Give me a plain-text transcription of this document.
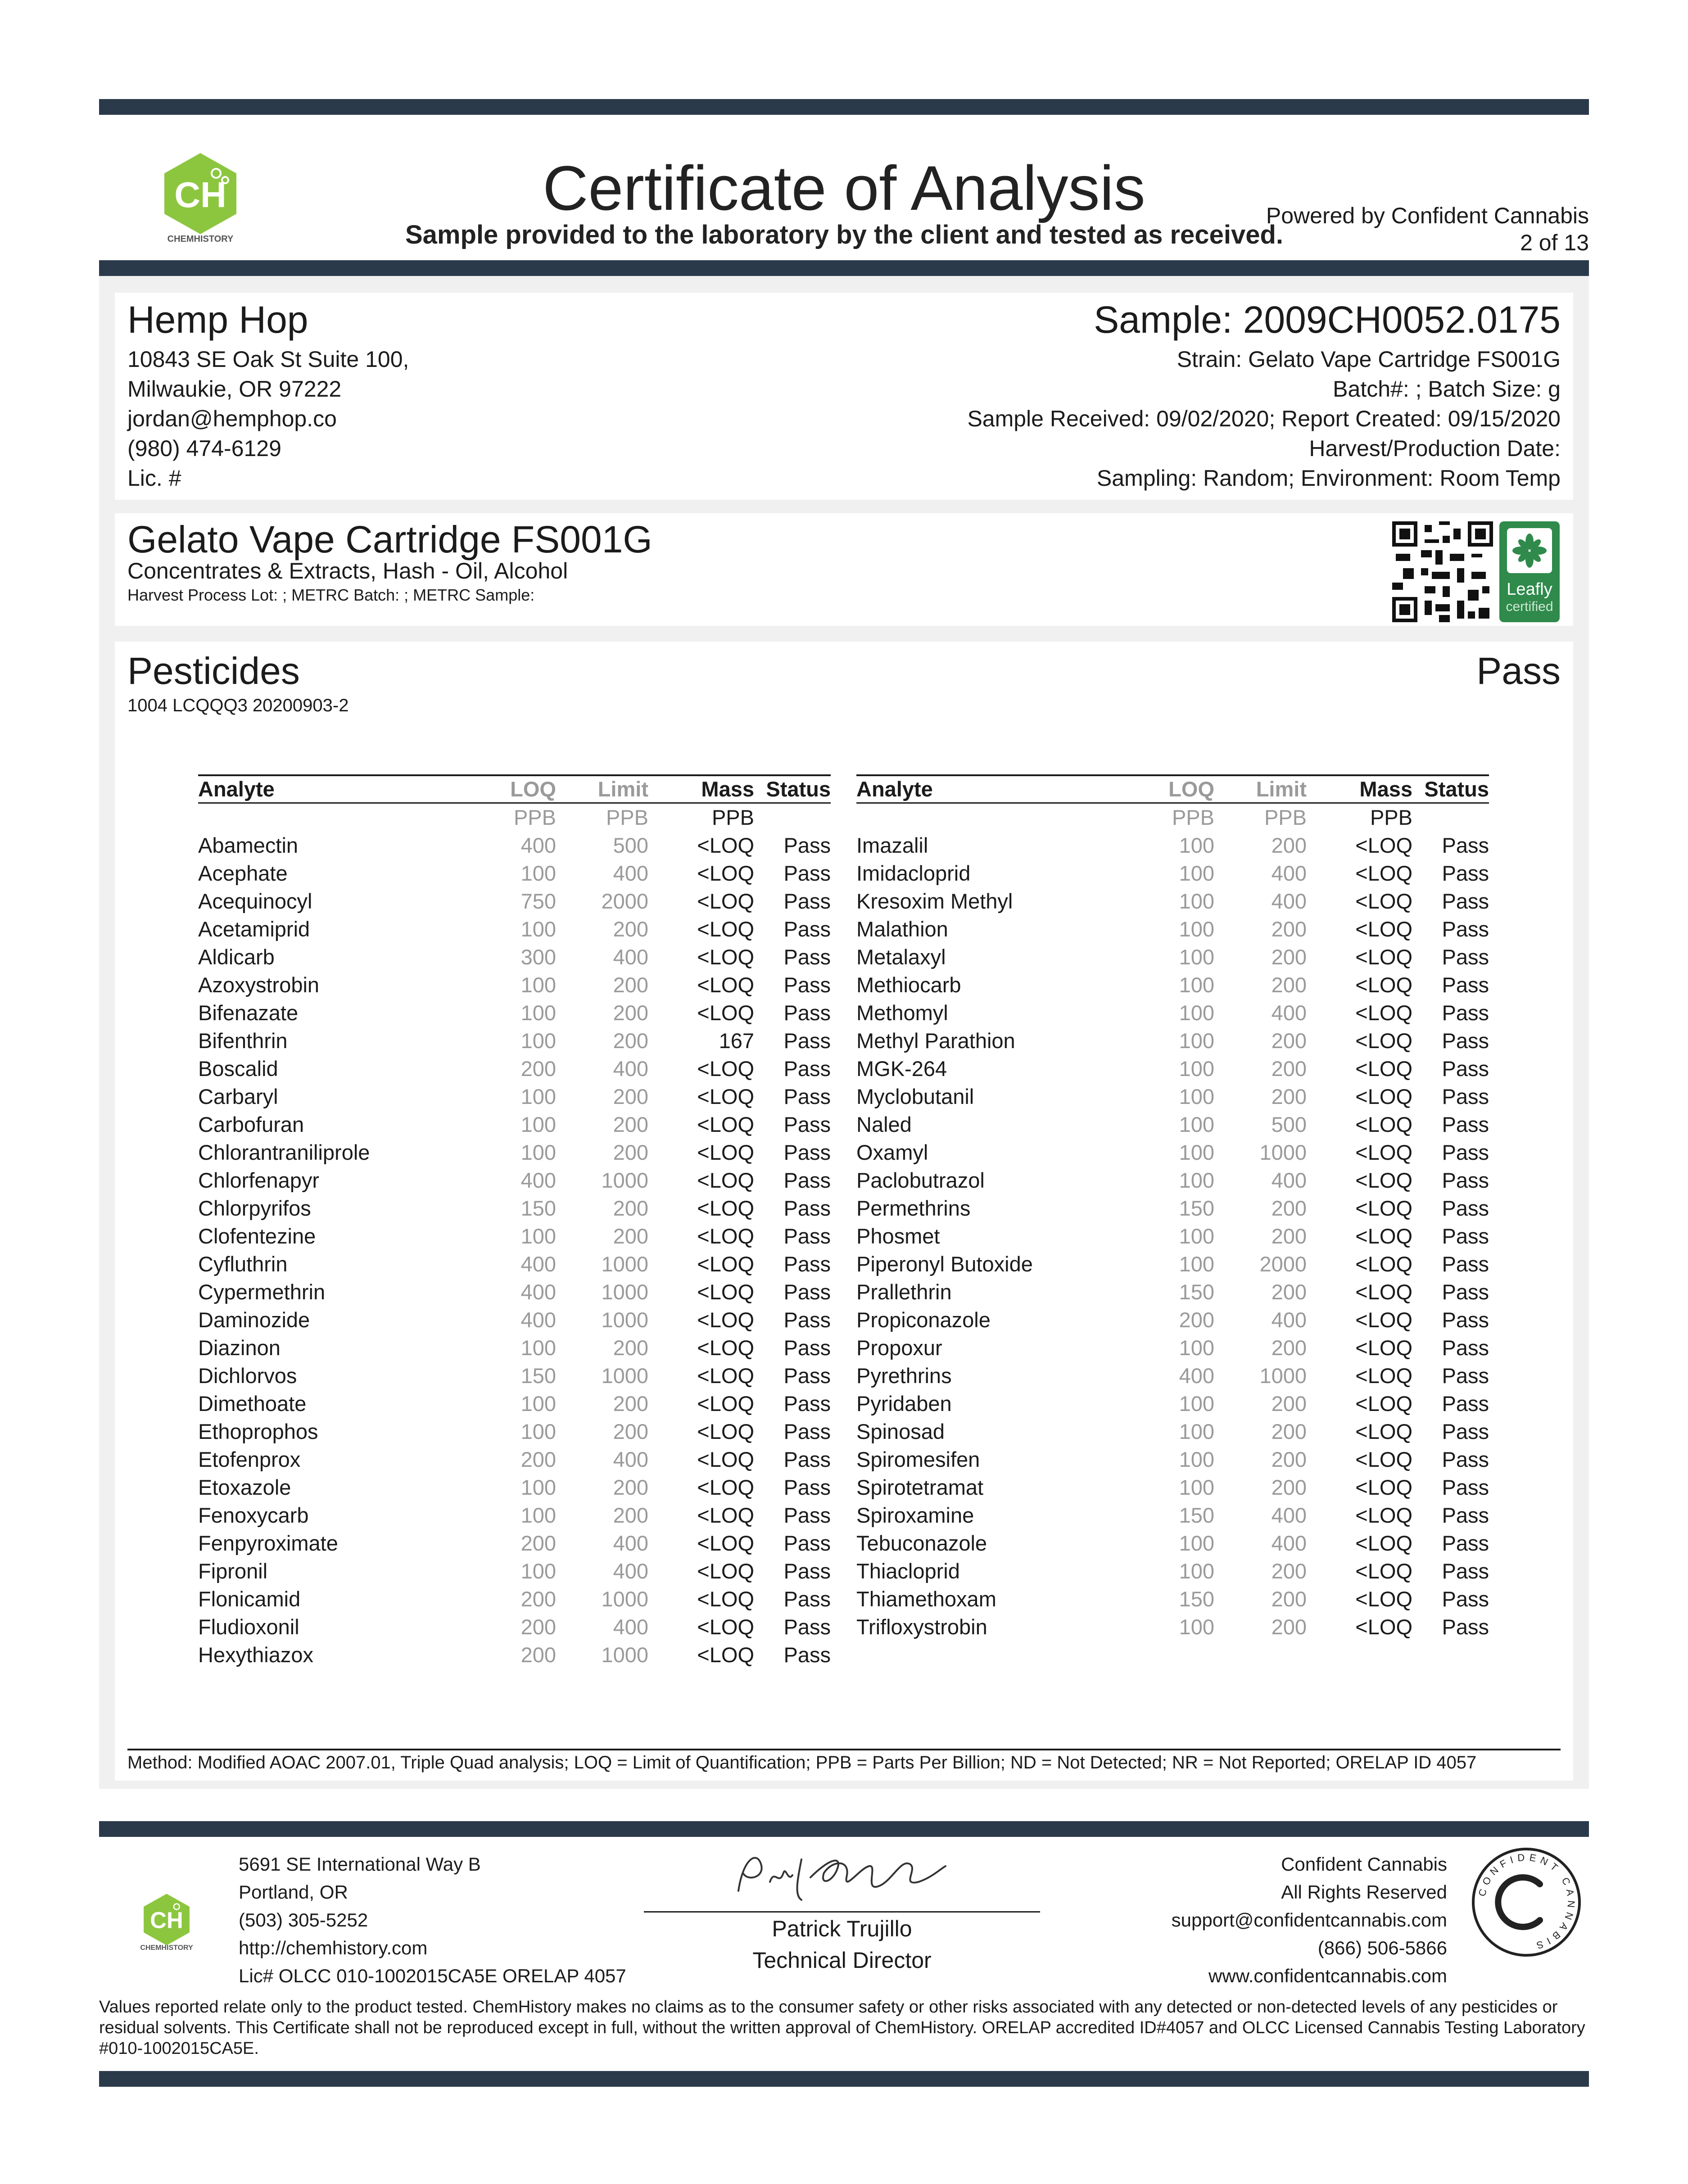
CH
CHEMHISTORY
Certificate of Analysis
Sample provided to the laboratory by the client and tested as received.
Powered by Confident Cannabis
2 of 13
Hemp Hop
10843 SE Oak St Suite 100,
Milwaukie, OR 97222
jordan@hemphop.co
(980) 474-6129
Lic. #
Sample: 2009CH0052.0175
Strain: Gelato Vape Cartridge FS001G
Batch#: ; Batch Size: g
Sample Received: 09/02/2020; Report Created: 09/15/2020
Harvest/Production Date:
Sampling: Random; Environment: Room Temp
Gelato Vape Cartridge FS001G
Concentrates & Extracts, Hash - Oil, Alcohol
Harvest Process Lot: ; METRC Batch: ; METRC Sample:	Leafly
certified
Pesticides
1004 LCQQQ3 20200903-2
Pass
Analyte	LOQ	Limit	Mass Status
PPB	PPB	PPB
Abamectin	400	500	<LOQ	Pass
Acephate	100	400	<LOQ	Pass
Acequinocyl	750	2000	<LOQ	Pass
Acetamiprid	100	200	<LOQ	Pass
Aldicarb	300	400	<LOQ	Pass
Azoxystrobin	100	200	<LOQ	Pass
Bifenazate	100	200	<LOQ	Pass
Bifenthrin	100	200	167	Pass
Boscalid	200	400	<LOQ	Pass
Carbaryl	100	200	<LOQ	Pass
Carbofuran	100	200	<LOQ	Pass
Chlorantraniliprole	100	200	<LOQ	Pass
Chlorfenapyr	400	1000	<LOQ	Pass
Chlorpyrifos	150	200	<LOQ	Pass
Clofentezine	100	200	<LOQ	Pass
Cyfluthrin	400	1000	<LOQ	Pass
Cypermethrin	400	1000	<LOQ	Pass
Daminozide	400	1000	<LOQ	Pass
Diazinon	100	200	<LOQ	Pass
Dichlorvos	150	1000	<LOQ	Pass
Dimethoate	100	200	<LOQ	Pass
Ethoprophos	100	200	<LOQ	Pass
Etofenprox	200	400	<LOQ	Pass
Etoxazole	100	200	<LOQ	Pass
Fenoxycarb	100	200	<LOQ	Pass
Fenpyroximate	200	400	<LOQ	Pass
Fipronil	100	400	<LOQ	Pass
Flonicamid	200	1000	<LOQ	Pass
Fludioxonil	200	400	<LOQ	Pass
Hexythiazox	200	1000	<LOQ	Pass
Analyte	LOQ	Limit	Mass Status
PPB	PPB	PPB
Imazalil	100	200	<LOQ	Pass
Imidacloprid	100	400	<LOQ	Pass
Kresoxim Methyl	100	400	<LOQ	Pass
Malathion	100	200	<LOQ	Pass
Metalaxyl	100	200	<LOQ	Pass
Methiocarb	100	200	<LOQ	Pass
Methomyl	100	400	<LOQ	Pass
Methyl Parathion	100	200	<LOQ	Pass
MGK-264	100	200	<LOQ	Pass
Myclobutanil	100	200	<LOQ	Pass
Naled	100	500	<LOQ	Pass
Oxamyl	100	1000	<LOQ	Pass
Paclobutrazol	100	400	<LOQ	Pass
Permethrins	150	200	<LOQ	Pass
Phosmet	100	200	<LOQ	Pass
Piperonyl Butoxide	100	2000	<LOQ	Pass
Prallethrin	150	200	<LOQ	Pass
Propiconazole	200	400	<LOQ	Pass
Propoxur	100	200	<LOQ	Pass
Pyrethrins	400	1000	<LOQ	Pass
Pyridaben	100	200	<LOQ	Pass
Spinosad	100	200	<LOQ	Pass
Spiromesifen	100	200	<LOQ	Pass
Spirotetramat	100	200	<LOQ	Pass
Spiroxamine	150	400	<LOQ	Pass
Tebuconazole	100	400	<LOQ	Pass
Thiacloprid	100	200	<LOQ	Pass
Thiamethoxam	150	200	<LOQ	Pass
Trifloxystrobin	100	200	<LOQ	Pass
Method: Modified AOAC 2007.01, Triple Quad analysis; LOQ = Limit of Quantification; PPB = Parts Per Billion; ND = Not Detected; NR = Not Reported; ORELAP ID 4057
CH
CHEMHISTORY
5691 SE International Way B
Portland, OR
(503) 305-5252
http://chemhistory.com
Lic# OLCC 010-1002015CA5E ORELAP 4057
Patrick Trujillo
Technical Director
Confident Cannabis
All Rights Reserved
support@confidentcannabis.com
(866) 506-5866
www.confidentcannabis.com
CONFIDENT CANNABIS
Values reported relate only to the product tested. ChemHistory makes no claims as to the consumer safety or other risks associated with any detected or non-detected levels of any pesticides or residual solvents. This Certificate shall not be reproduced except in full, without the written approval of ChemHistory. ORELAP accredited ID#4057 and OLCC Licensed Cannabis Testing Laboratory #010-1002015CA5E.
